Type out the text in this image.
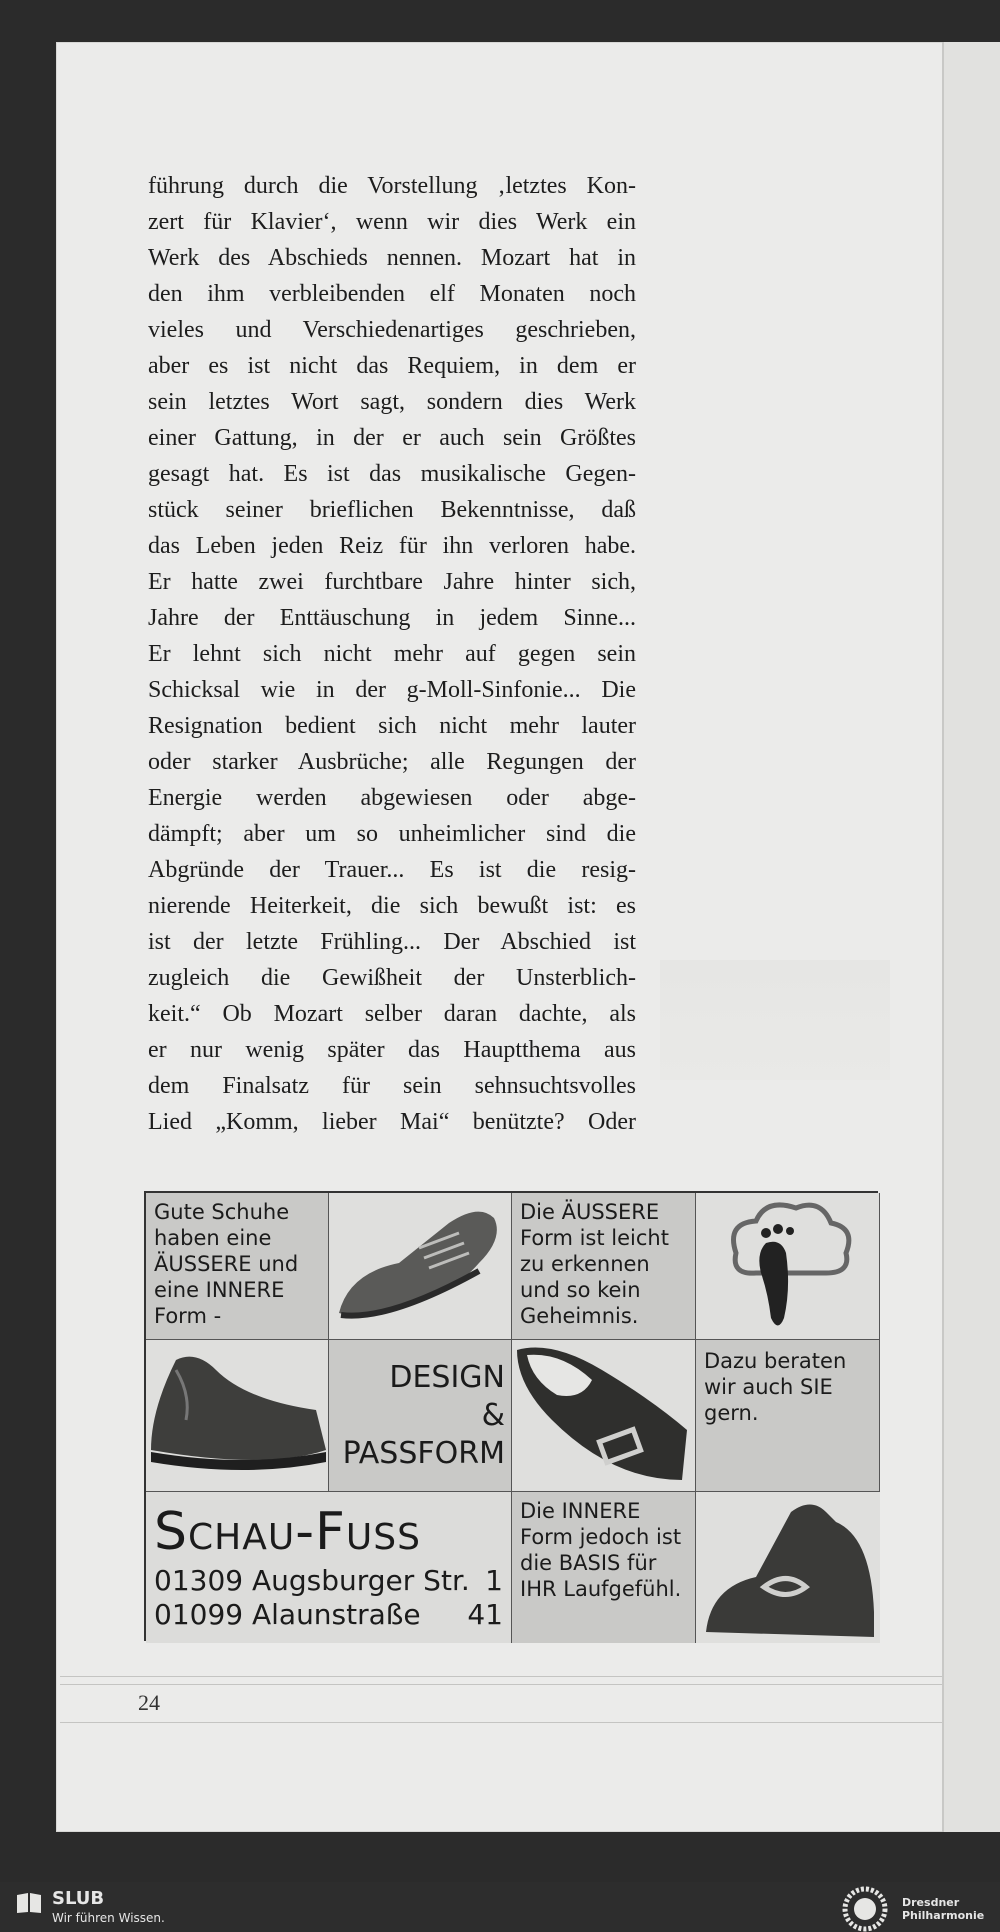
führung durch die Vorstellung ‚letztes Kon-
zert für Klavier‘, wenn wir dies Werk ein
Werk des Abschieds nennen. Mozart hat in
den ihm verbleibenden elf Monaten noch
vieles und Verschiedenartiges geschrieben,
aber es ist nicht das Requiem, in dem er
sein letztes Wort sagt, sondern dies Werk
einer Gattung, in der er auch sein Größtes
gesagt hat. Es ist das musikalische Gegen-
stück seiner brieflichen Bekenntnisse, daß
das Leben jeden Reiz für ihn verloren habe.
Er hatte zwei furchtbare Jahre hinter sich,
Jahre der Enttäuschung in jedem Sinne...
Er lehnt sich nicht mehr auf gegen sein
Schicksal wie in der g-Moll-Sinfonie... Die
Resignation bedient sich nicht mehr lauter
oder starker Ausbrüche; alle Regungen der
Energie werden abgewiesen oder abge-
dämpft; aber um so unheimlicher sind die
Abgründe der Trauer... Es ist die resig-
nierende Heiterkeit, die sich bewußt ist: es
ist der letzte Frühling... Der Abschied ist
zugleich die Gewißheit der Unsterblich-
keit.“ Ob Mozart selber daran dachte, als
er nur wenig später das Hauptthema aus
dem Finalsatz für sein sehnsuchtsvolles
Lied „Komm, lieber Mai“ benützte? Oder
Gute Schuhe haben eine ÄUSSERE und eine INNERE Form -
Die ÄUSSERE Form ist leicht zu erkennen und so kein Geheimnis.
DESIGN
&
PASSFORM
Dazu beraten wir auch SIE gern.
Schau-Fuss
01309 Augsburger Str. 1
01099 Alaunstraße 41
Die INNERE Form jedoch ist die BASIS für IHR Laufgefühl.
24
SLUB
Wir führen Wissen.
Dresdner
Philharmonie
